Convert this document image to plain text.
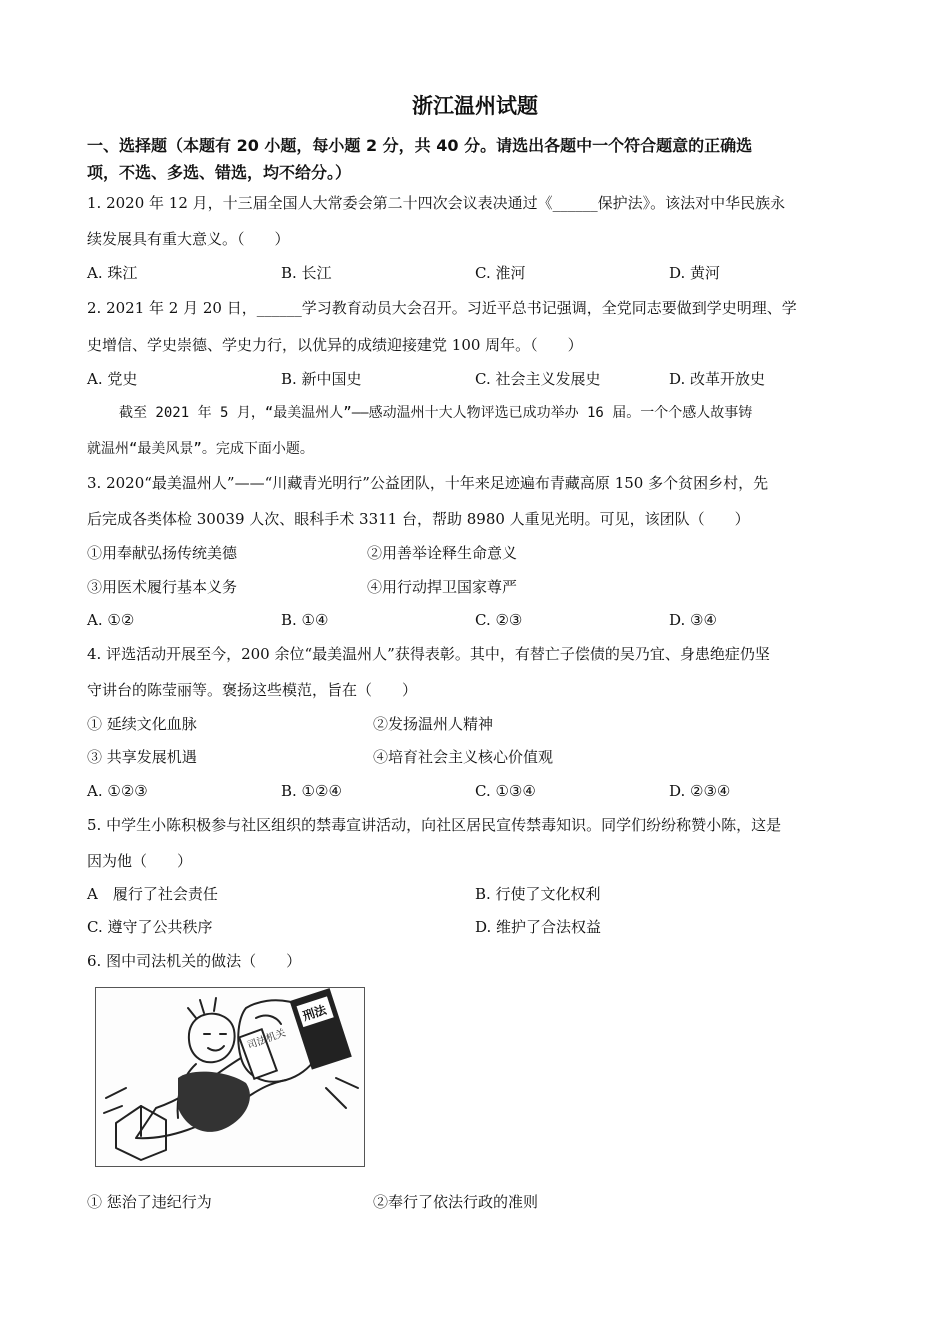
浙江温州试题
一、选择题（本题有 20 小题，每小题 2 分，共 40 分。请选出各题中一个符合题意的正确选
项，不选、多选、错选，均不给分。）
1. 2020 年 12 月，十三届全国人大常委会第二十四次会议表决通过《______保护法》。该法对中华民族永
续发展具有重大意义。（　　）
A. 珠江	B. 长江	C. 淮河	D. 黄河
2. 2021 年 2 月 20 日，______学习教育动员大会召开。习近平总书记强调，全党同志要做到学史明理、学
史增信、学史崇德、学史力行，以优异的成绩迎接建党 100 周年。（　　）
A. 党史	B. 新中国史	C. 社会主义发展史	D. 改革开放史
截至 2021 年 5 月，“最美温州人”——感动温州十大人物评选已成功举办 16 届。一个个感人故事铸
就温州“最美风景”。完成下面小题。
3. 2020“最美温州人”——“川藏青光明行”公益团队，十年来足迹遍布青藏高原 150 多个贫困乡村，先
后完成各类体检 30039 人次、眼科手术 3311 台，帮助 8980 人重见光明。可见，该团队（　　）
①用奉献弘扬传统美德	②用善举诠释生命意义
③用医术履行基本义务	④用行动捍卫国家尊严
A. ①②	B. ①④	C. ②③	D. ③④
4. 评选活动开展至今，200 余位“最美温州人”获得表彰。其中，有替亡子偿债的吴乃宜、身患绝症仍坚
守讲台的陈莹丽等。褒扬这些模范，旨在（　　）
① 延续文化血脉	②发扬温州人精神
③ 共享发展机遇	④培育社会主义核心价值观
A. ①②③	B. ①②④	C. ①③④	D. ②③④
5. 中学生小陈积极参与社区组织的禁毒宣讲活动，向社区居民宣传禁毒知识。同学们纷纷称赞小陈，这是
因为他（　　）
A　履行了社会责任	B. 行使了文化权利
C. 遵守了公共秩序	D. 维护了合法权益
6. 图中司法机关的做法（　　）
司法机关
刑法
① 惩治了违纪行为	②奉行了依法行政的准则
